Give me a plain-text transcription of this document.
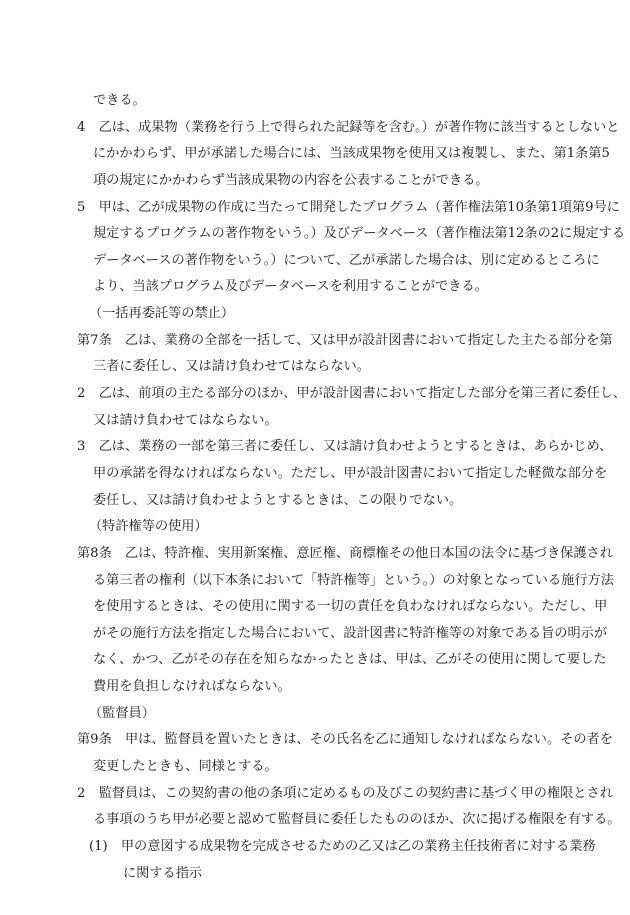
できる。
4　乙は、成果物（業務を行う上で得られた記録等を含む。）が著作物に該当するとしないと
にかかわらず、甲が承諾した場合には、当該成果物を使用又は複製し、また、第1条第5
項の規定にかかわらず当該成果物の内容を公表することができる。
5　甲は、乙が成果物の作成に当たって開発したプログラム（著作権法第10条第1項第9号に
規定するプログラムの著作物をいう。）及びデータベース（著作権法第12条の2に規定する
データベースの著作物をいう。）について、乙が承諾した場合は、別に定めるところに
より、当該プログラム及びデータベースを利用することができる。
（一括再委託等の禁止）
第7条　乙は、業務の全部を一括して、又は甲が設計図書において指定した主たる部分を第
三者に委任し、又は請け負わせてはならない。
2　乙は、前項の主たる部分のほか、甲が設計図書において指定した部分を第三者に委任し、
又は請け負わせてはならない。
3　乙は、業務の一部を第三者に委任し、又は請け負わせようとするときは、あらかじめ、
甲の承諾を得なければならない。ただし、甲が設計図書において指定した軽微な部分を
委任し、又は請け負わせようとするときは、この限りでない。
（特許権等の使用）
第8条　乙は、特許権、実用新案権、意匠権、商標権その他日本国の法令に基づき保護され
る第三者の権利（以下本条において「特許権等」という。）の対象となっている施行方法
を使用するときは、その使用に関する一切の責任を負わなければならない。ただし、甲
がその施行方法を指定した場合において、設計図書に特許権等の対象である旨の明示が
なく、かつ、乙がその存在を知らなかったときは、甲は、乙がその使用に関して要した
費用を負担しなければならない。
（監督員）
第9条　甲は、監督員を置いたときは、その氏名を乙に通知しなければならない。その者を
変更したときも、同様とする。
2　監督員は、この契約書の他の条項に定めるもの及びこの契約書に基づく甲の権限とされ
る事項のうち甲が必要と認めて監督員に委任したもののほか、次に掲げる権限を有する。
(1)　甲の意図する成果物を完成させるための乙又は乙の業務主任技術者に対する業務
に関する指示
